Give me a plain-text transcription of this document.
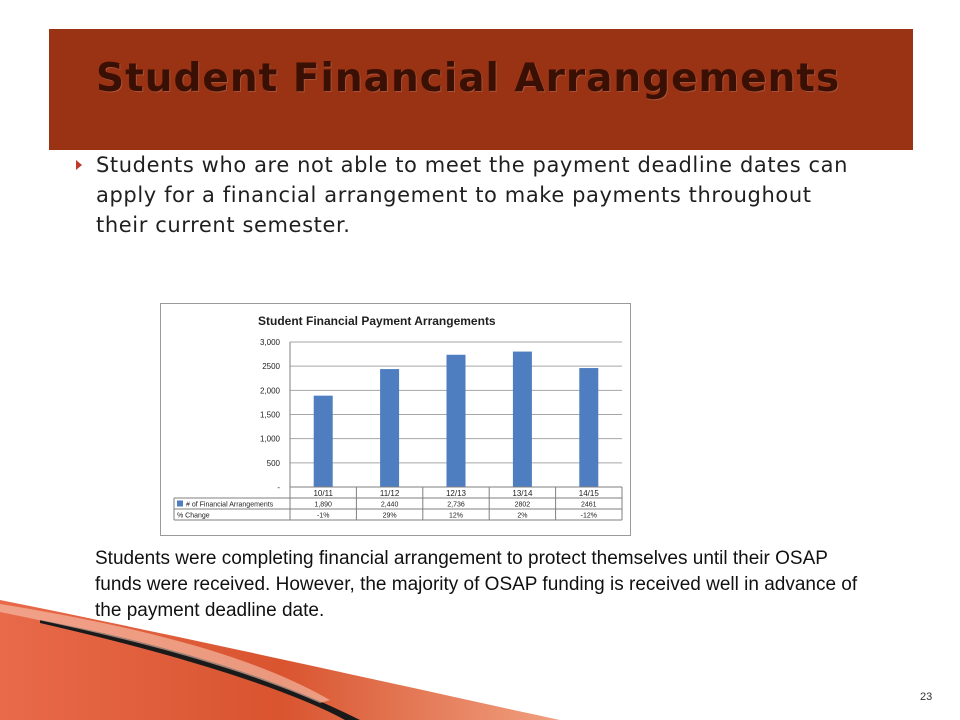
Student Financial Arrangements
Students who are not able to meet the payment deadline dates can apply for a financial arrangement to make payments throughout their current semester.
Student Financial Payment Arrangements
-
500
1,000
1,500
2,000
2500
3,000
10/11	11/12	12/13	13/14	14/15
# of Financial Arrangements	1,890	2,440	2,736	2802	2461
% Change	-1%	29%	12%	2%	-12%
Students were completing financial arrangement to protect themselves until their OSAP funds were received. However, the majority of OSAP funding is received well in advance of the payment deadline date.
23
